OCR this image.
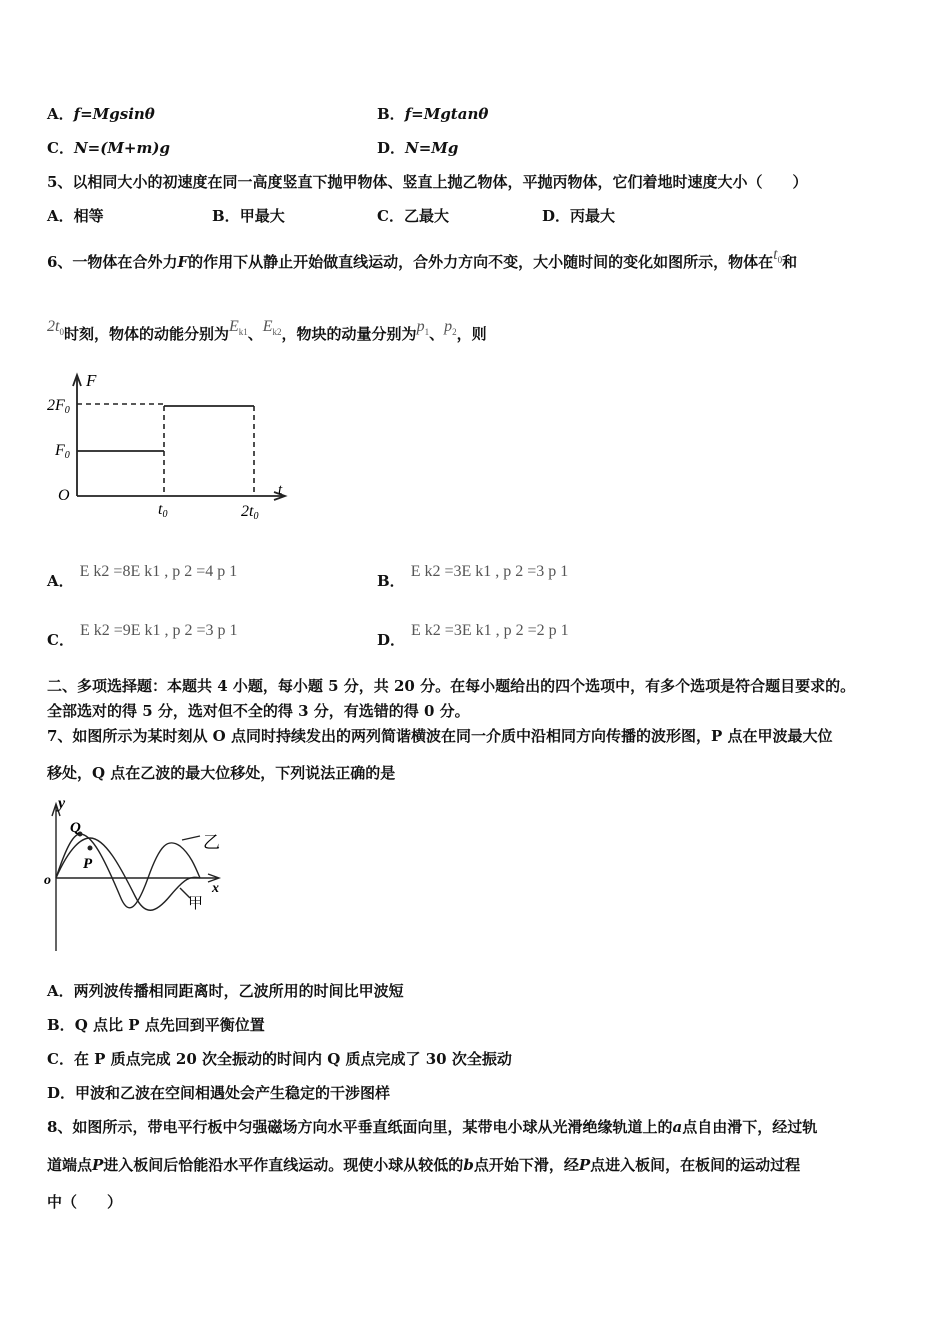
A．f=Mgsinθ	B．f=Mgtanθ
C．N=(M+m)g	D．N=Mg
5、以相同大小的初速度在同一高度竖直下抛甲物体、竖直上抛乙物体，平抛丙物体，它们着地时速度大小（　　）
A．相等	B．甲最大	C．乙最大	D．丙最大
6、一物体在合外力F的作用下从静止开始做直线运动，合外力方向不变，大小随时间的变化如图所示，物体在$t_0$和
$2t_0$时刻，物体的动能分别为$E_{k1}$、$E_{k2}$，物块的动量分别为$p_1$、$p_2$，则
F
t
O
2F0
F0
t0	2t0
A．E k2 =8E k1 , p 2 =4 p 1
B．E k2 =3E k1 , p 2 =3 p 1
C．E k2 =9E k1 , p 2 =3 p 1
D．E k2 =3E k1 , p 2 =2 p 1
二、多项选择题：本题共 4 小题，每小题 5 分，共 20 分。在每小题给出的四个选项中，有多个选项是符合题目要求的。
全部选对的得 5 分，选对但不全的得 3 分，有选错的得 0 分。
7、如图所示为某时刻从 O 点同时持续发出的两列简谐横波在同一介质中沿相同方向传播的波形图，P 点在甲波最大位
移处，Q 点在乙波的最大位移处，下列说法正确的是
y
x
o
Q
P
乙
甲
A．两列波传播相同距离时，乙波所用的时间比甲波短
B．Q 点比 P 点先回到平衡位置
C．在 P 质点完成 20 次全振动的时间内 Q 质点完成了 30 次全振动
D．甲波和乙波在空间相遇处会产生稳定的干涉图样
8、如图所示，带电平行板中匀强磁场方向水平垂直纸面向里，某带电小球从光滑绝缘轨道上的a点自由滑下，经过轨
道端点P进入板间后恰能沿水平作直线运动。现使小球从较低的b点开始下滑，经P点进入板间，在板间的运动过程
中（　　）
